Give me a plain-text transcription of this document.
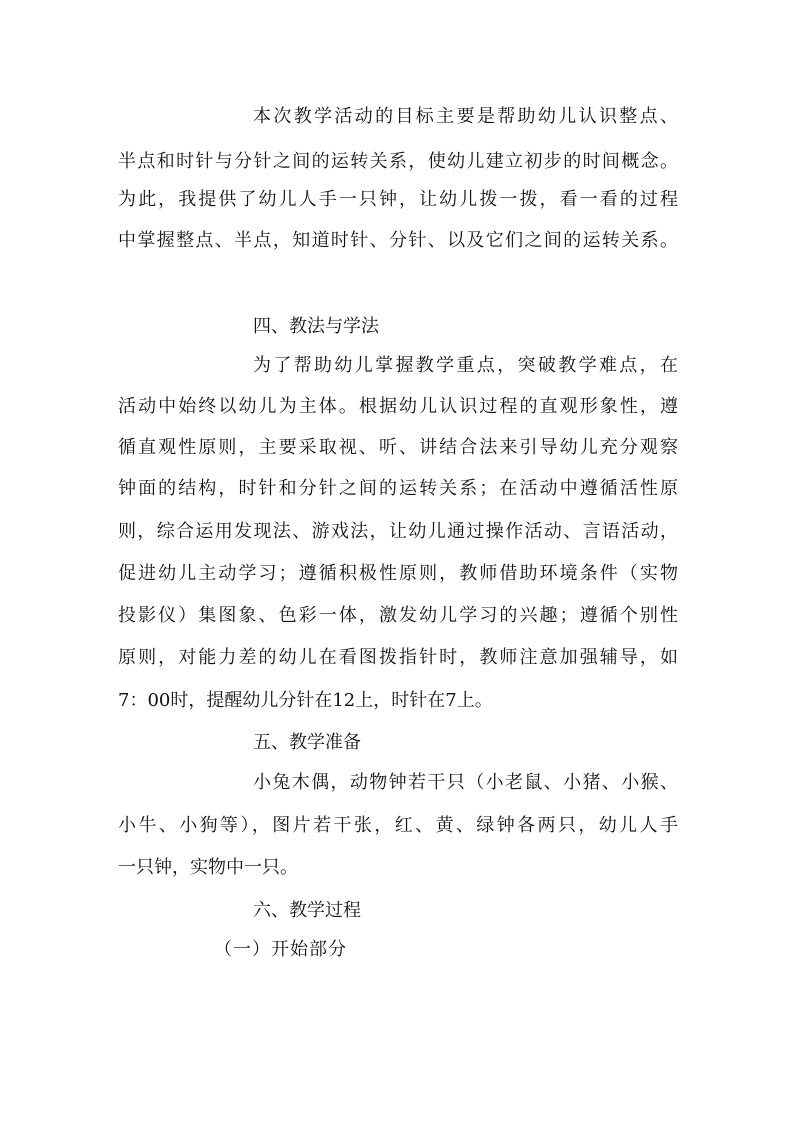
本次教学活动的目标主要是帮助幼儿认识整点、
半点和时针与分针之间的运转关系，使幼儿建立初步的时间概念。
为此，我提供了幼儿人手一只钟，让幼儿拨一拨，看一看的过程
中掌握整点、半点，知道时针、分针、以及它们之间的运转关系。
四、教法与学法
为了帮助幼儿掌握教学重点，突破教学难点，在
活动中始终以幼儿为主体。根据幼儿认识过程的直观形象性，遵
循直观性原则，主要采取视、听、讲结合法来引导幼儿充分观察
钟面的结构，时针和分针之间的运转关系；在活动中遵循活性原
则，综合运用发现法、游戏法，让幼儿通过操作活动、言语活动，
促进幼儿主动学习；遵循积极性原则，教师借助环境条件（实物
投影仪）集图象、色彩一体，激发幼儿学习的兴趣；遵循个别性
原则，对能力差的幼儿在看图拨指针时，教师注意加强辅导，如
7：00时，提醒幼儿分针在12上，时针在7上。
五、教学准备
小兔木偶，动物钟若干只（小老鼠、小猪、小猴、
小牛、小狗等），图片若干张，红、黄、绿钟各两只，幼儿人手
一只钟，实物中一只。
六、教学过程
（一）开始部分
